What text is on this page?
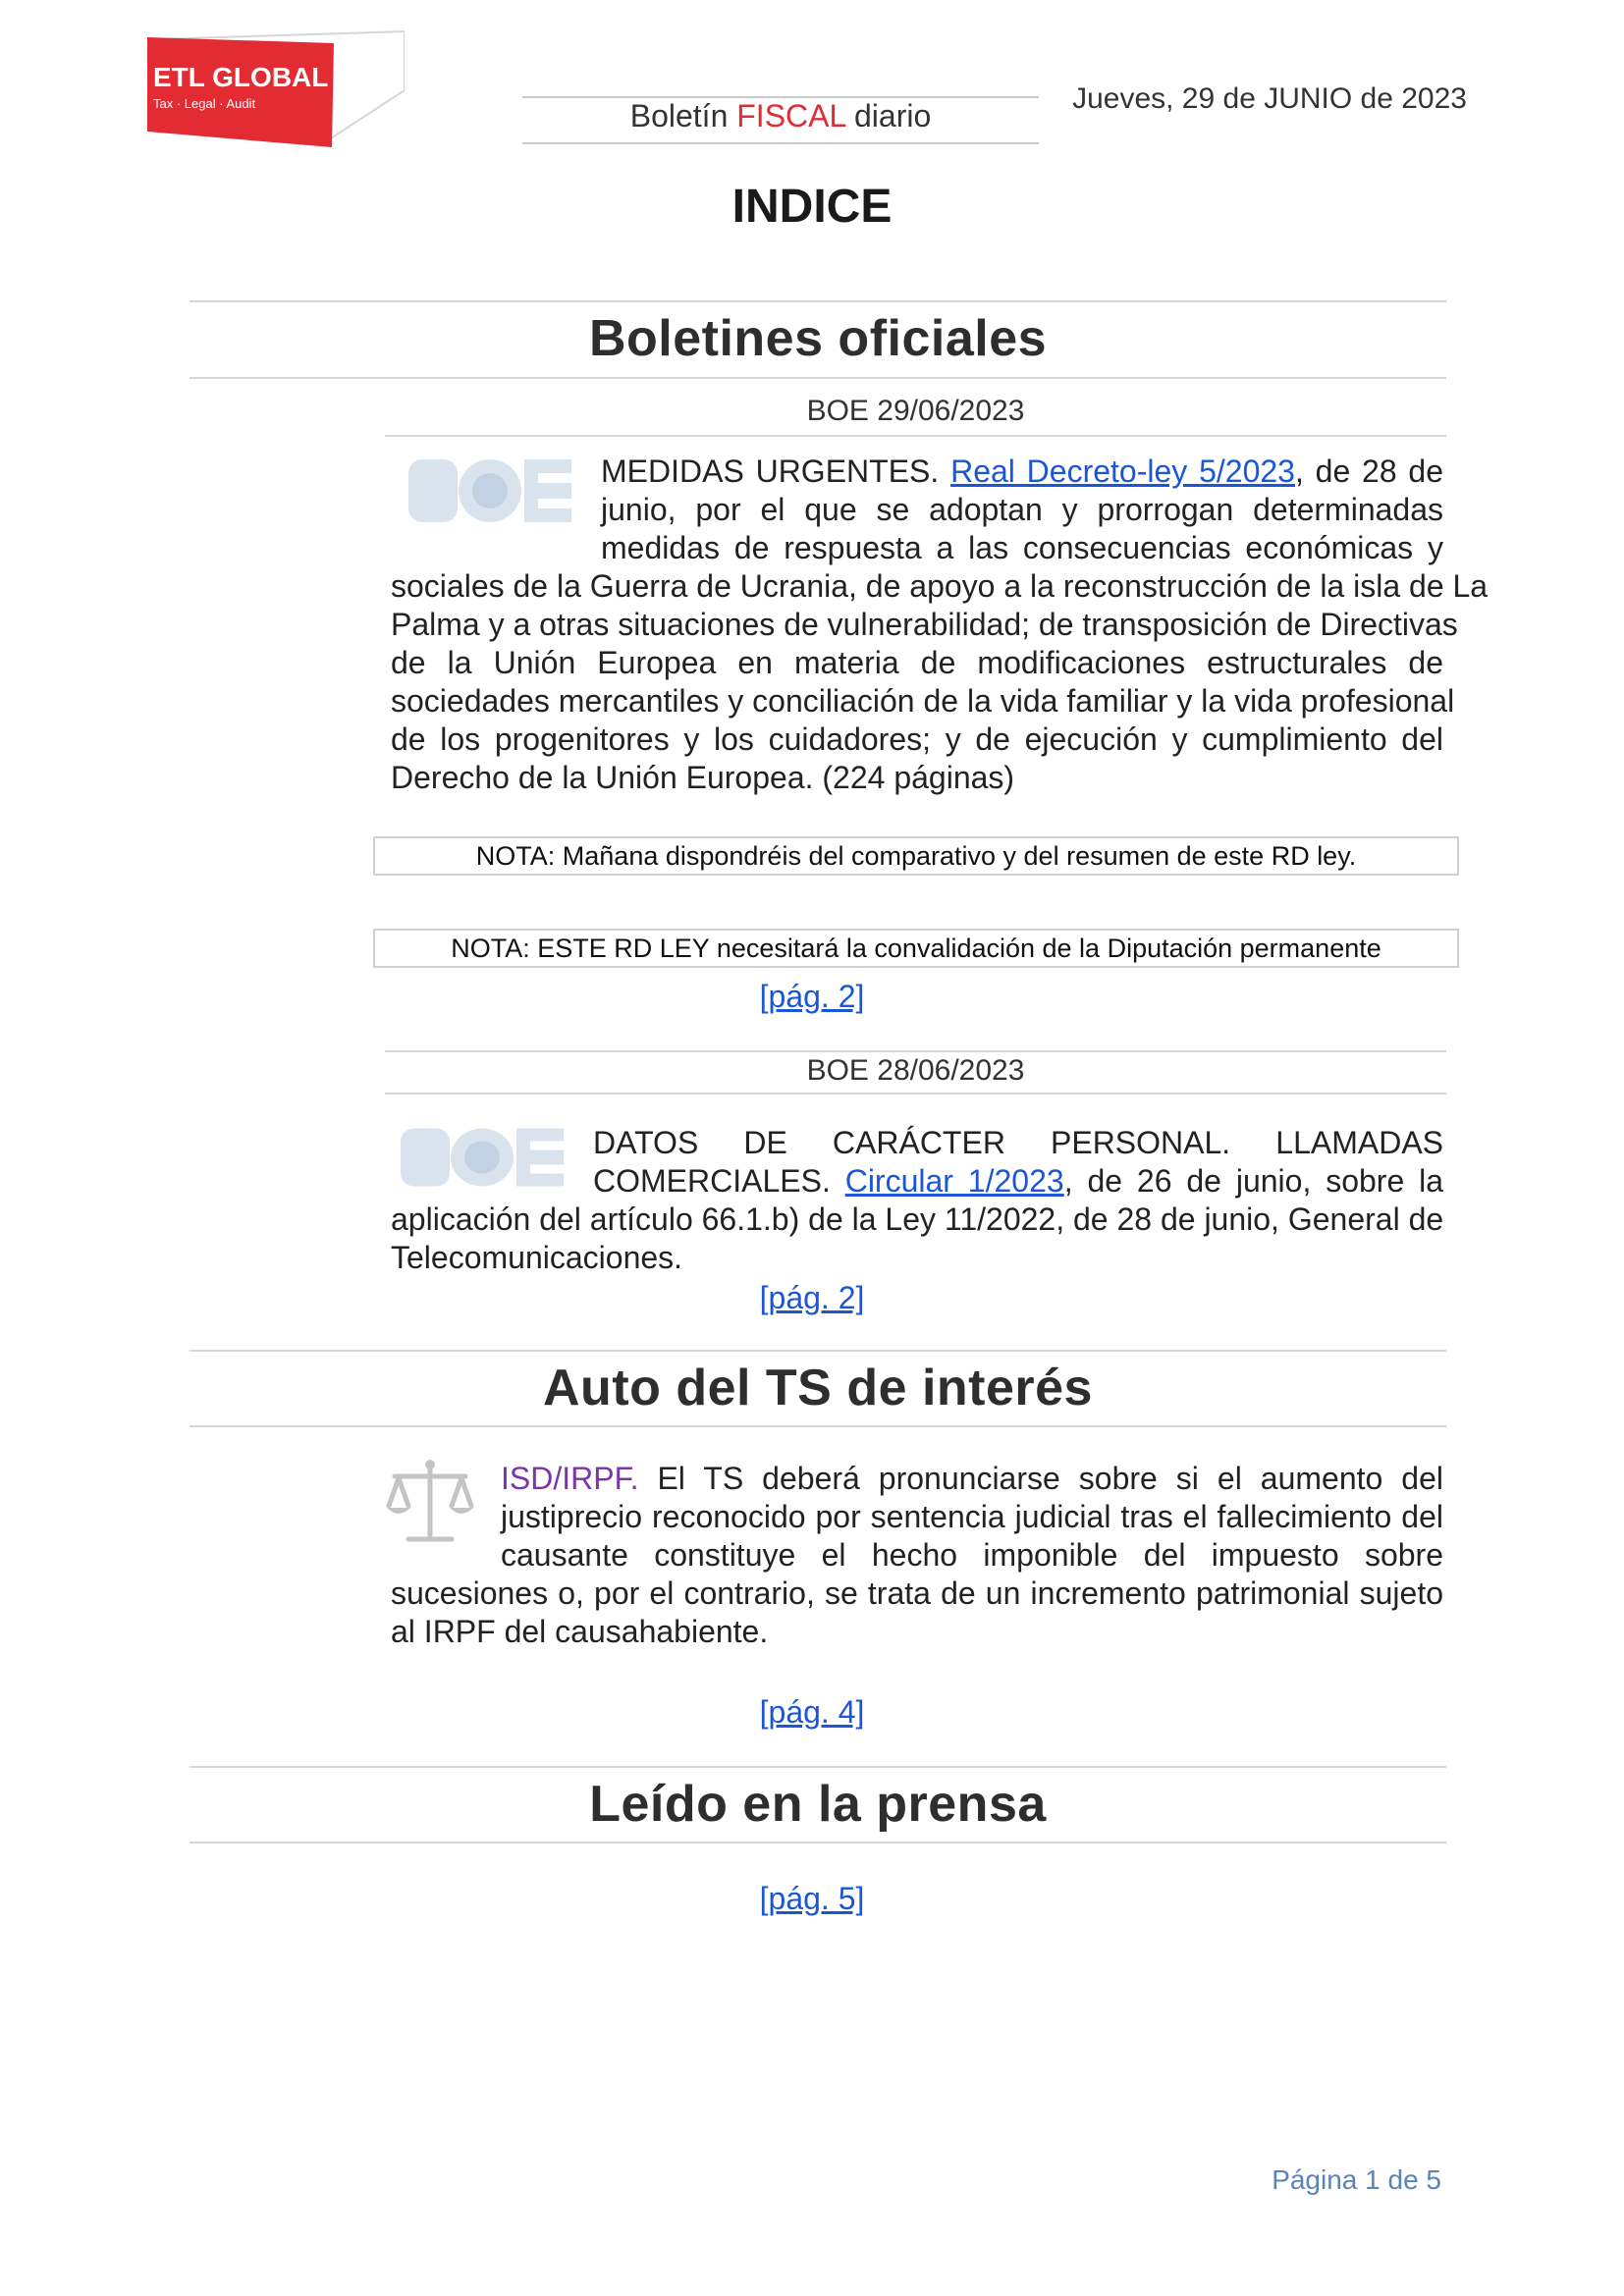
ETL GLOBAL
Tax · Legal · Audit	Boletín FISCAL diario	Jueves, 29 de JUNIO de 2023
INDICE
Boletines oficiales
BOE 29/06/2023
MEDIDAS URGENTES. Real Decreto-ley 5/2023, de 28 de
junio, por el que se adoptan y prorrogan determinadas
medidas de respuesta a las consecuencias económicas y
sociales de la Guerra de Ucrania, de apoyo a la reconstrucción de la isla de La
Palma y a otras situaciones de vulnerabilidad; de transposición de Directivas
de la Unión Europea en materia de modificaciones estructurales de
sociedades mercantiles y conciliación de la vida familiar y la vida profesional
de los progenitores y los cuidadores; y de ejecución y cumplimiento del
Derecho de la Unión Europea. (224 páginas)
NOTA: Mañana dispondréis del comparativo y del resumen de este RD ley.
NOTA: ESTE RD LEY necesitará la convalidación de la Diputación permanente
[pág. 2]
BOE 28/06/2023
DATOS DE CARÁCTER PERSONAL. LLAMADAS
COMERCIALES. Circular 1/2023, de 26 de junio, sobre la
aplicación del artículo 66.1.b) de la Ley 11/2022, de 28 de junio, General de
Telecomunicaciones.
[pág. 2]
Auto del TS de interés
ISD/IRPF. El TS deberá pronunciarse sobre si el aumento del
justiprecio reconocido por sentencia judicial tras el fallecimiento del
causante constituye el hecho imponible del impuesto sobre
sucesiones o, por el contrario, se trata de un incremento patrimonial sujeto
al IRPF del causahabiente.
[pág. 4]
Leído en la prensa
[pág. 5]
Página 1 de 5
